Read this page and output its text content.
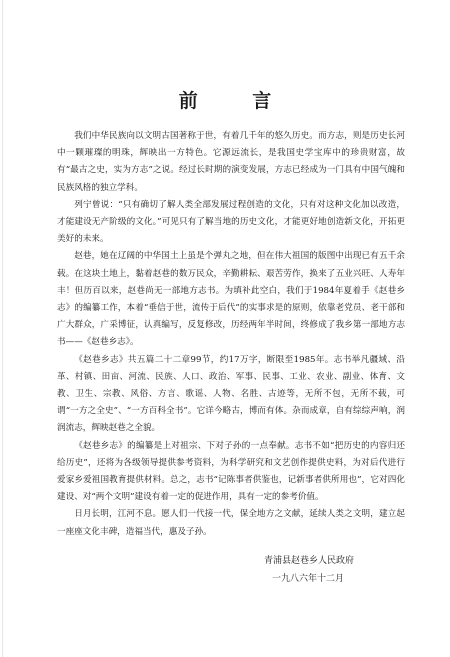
前 言

我们中华民族向以文明古国著称于世，有着几千年的悠久历史。而方志，则是历史长河中一颗璀璨的明珠，辉映出一方特色。它源远流长，是我国史学宝库中的珍贵财富，故有“最古之史，实为方志”之说。经过长时期的演变发展，方志已经成为一门具有中国气魄和民族风格的独立学科。

列宁曾说：“只有确切了解人类全部发展过程创造的文化，只有对这种文化加以改造，才能建设无产阶级的文化。”可见只有了解当地的历史文化，才能更好地创造新文化，开拓更美好的未来。

赵巷，她在辽阔的中华国土上虽是个弹丸之地，但在伟大祖国的版图中出现已有五千余载。在这块土地上，黏着赵巷的数万民众，辛勤耕耘、艰苦劳作，换来了五业兴旺、人寿年丰！但历百以来，赵巷尚无一部地方志书。为填补此空白，我们于1984年夏着手《赵巷乡志》的编纂工作，本着“垂信于世，流传于后代”的实事求是的原则，依靠老党员、老干部和广大群众，广采博征，认真编写，反复修改，历经两年半时间，终修成了我乡第一部地方志书——《赵巷乡志》。

《赵巷乡志》共五篇二十二章99节，约17万字，断限至1985年。志书举凡疆域、沿革、村镇、田亩、河流、民族、人口、政治、军事、民事、工业、农业、副业、体育、文教、卫生、宗教、风俗、方言、歌谣、人物、名胜、古迹等，无所不包，无所不载，可谓“一方之全史”、“一方百科全书”。它详今略古，博而有体。杂而成章，自有综综声响，润润流志，辉映赵巷之全貌。

《赵巷乡志》的编纂是上对祖宗、下对子孙的一点奉献。志书不如“把历史的内容归还给历史”，还将为各级领导提供参考资料，为科学研究和文艺创作提供史料，为对后代进行爱家乡爱祖国教育提供材料。总之，志书“记陈事者供鉴也，记新事者供所用也”，它对四化建设、对“两个文明”建设有着一定的促进作用，具有一定的参考价值。

日月长明，江河不息。愿人们一代接一代，保全地方之文献，延续人类之文明，建立起一座座文化丰碑，造福当代，惠及子孙。

青浦县赵巷乡人民政府
一九八六年十二月
